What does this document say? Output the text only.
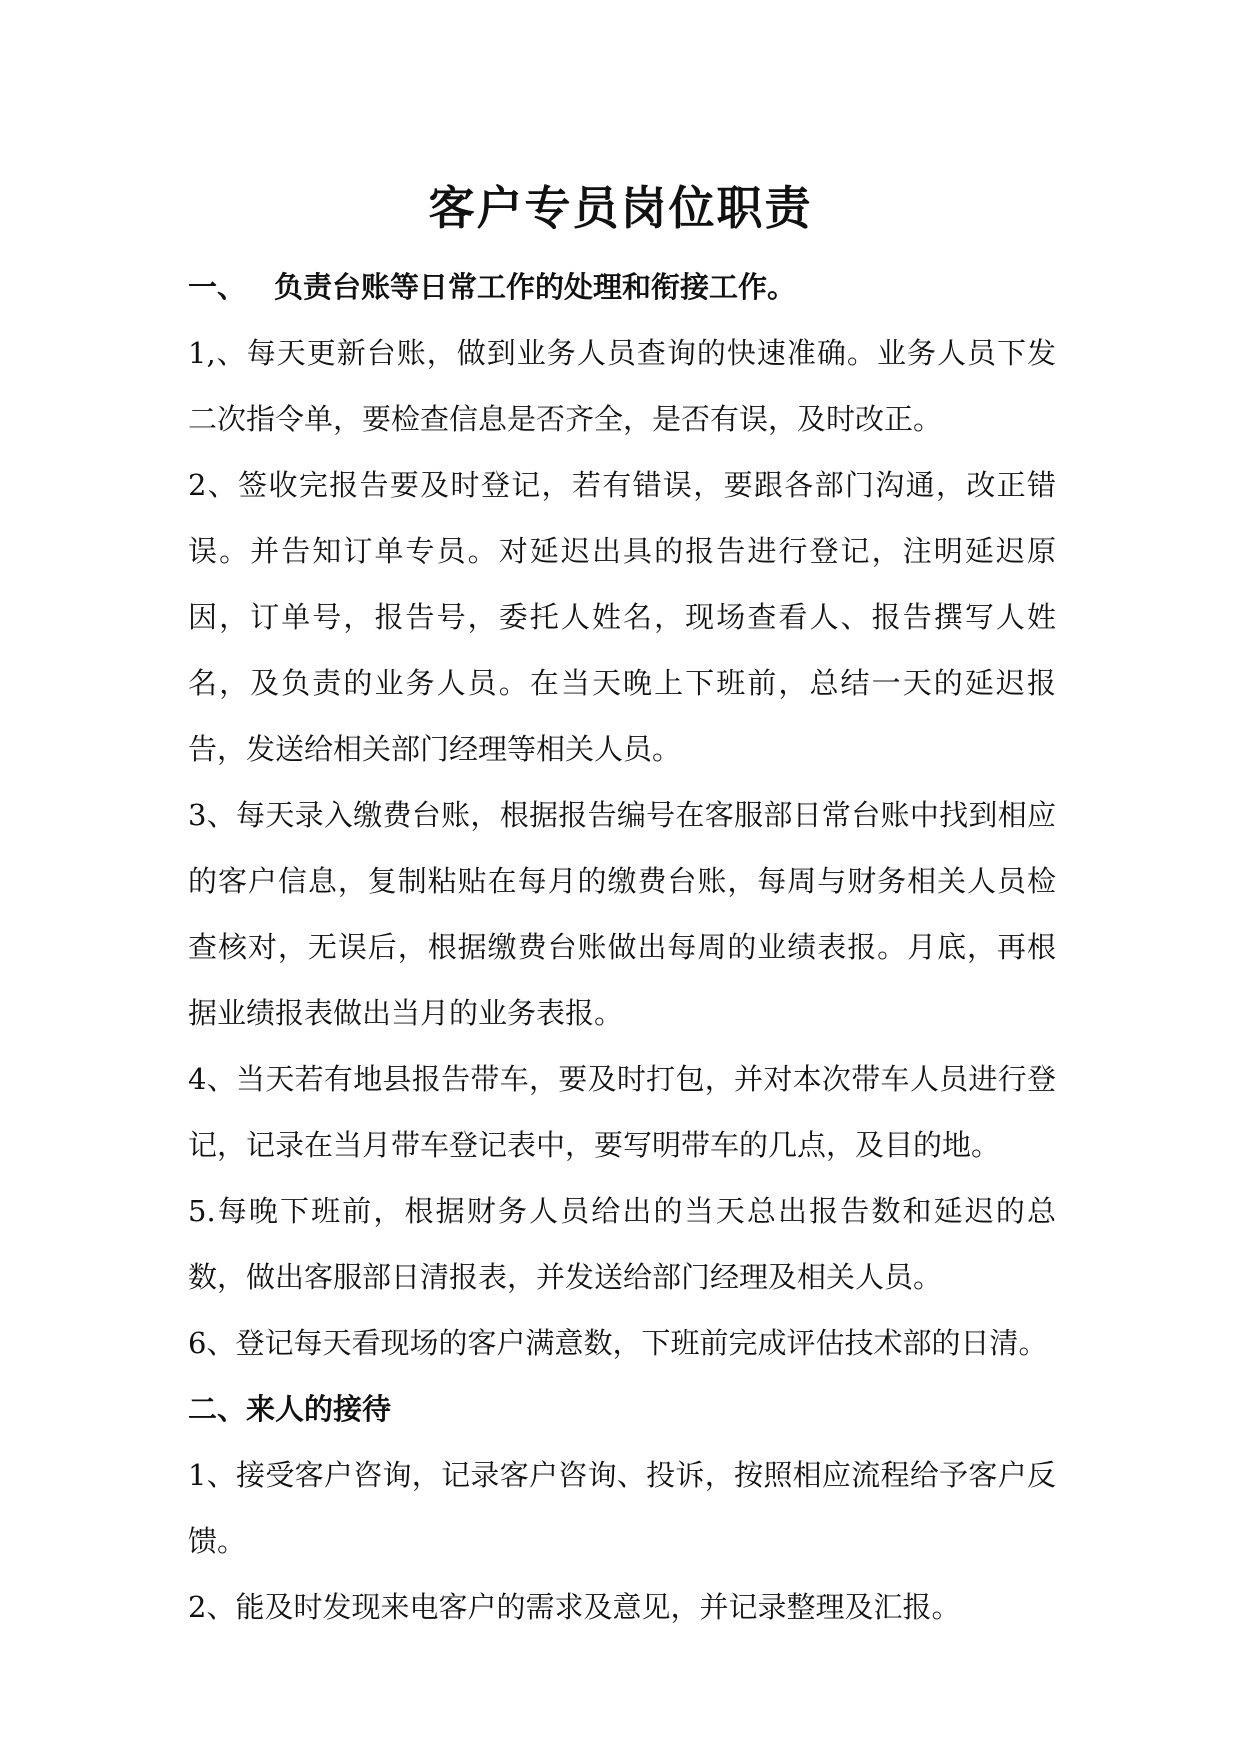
客户专员岗位职责

一、 负责台账等日常工作的处理和衔接工作。

1,、每天更新台账，做到业务人员查询的快速准确。业务人员下发二次指令单，要检查信息是否齐全，是否有误，及时改正。

2、签收完报告要及时登记，若有错误，要跟各部门沟通，改正错误。并告知订单专员。对延迟出具的报告进行登记，注明延迟原因，订单号，报告号，委托人姓名，现场查看人、报告撰写人姓名，及负责的业务人员。在当天晚上下班前，总结一天的延迟报告，发送给相关部门经理等相关人员。

3、每天录入缴费台账，根据报告编号在客服部日常台账中找到相应的客户信息，复制粘贴在每月的缴费台账，每周与财务相关人员检查核对，无误后，根据缴费台账做出每周的业绩表报。月底，再根据业绩报表做出当月的业务表报。

4、当天若有地县报告带车，要及时打包，并对本次带车人员进行登记，记录在当月带车登记表中，要写明带车的几点，及目的地。

5.每晚下班前，根据财务人员给出的当天总出报告数和延迟的总数，做出客服部日清报表，并发送给部门经理及相关人员。

6、登记每天看现场的客户满意数，下班前完成评估技术部的日清。

二、来人的接待

1、接受客户咨询，记录客户咨询、投诉，按照相应流程给予客户反馈。

2、能及时发现来电客户的需求及意见，并记录整理及汇报。
